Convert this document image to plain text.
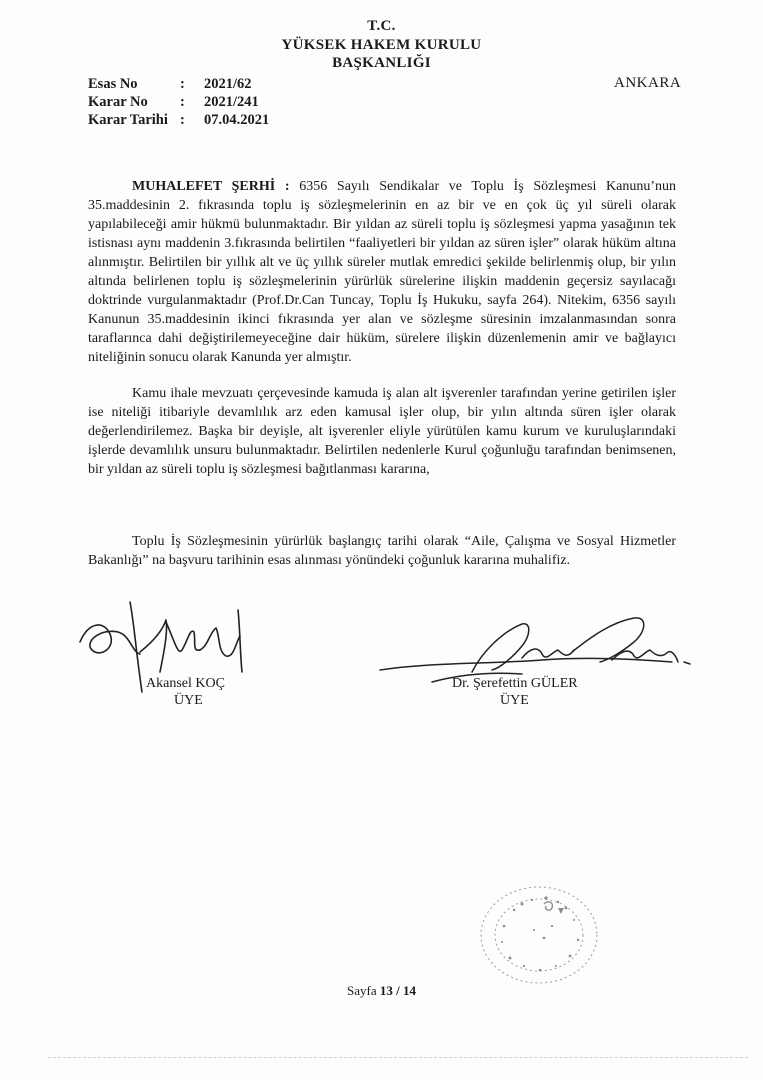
T.C.
YÜKSEK HAKEM KURULU
BAŞKANLIĞI
ANKARA
Esas No	: 2021/62
Karar No : 2021/241
Karar Tarihi : 07.04.2021

MUHALEFET ŞERHİ : 6356 Sayılı Sendikalar ve Toplu İş Sözleşmesi Kanunu’nun 35.maddesinin 2. fıkrasında toplu iş sözleşmelerinin en az bir ve en çok üç yıl süreli olarak yapılabileceği amir hükmü bulunmaktadır. Bir yıldan az süreli toplu iş sözleşmesi yapma yasağının tek istisnası aynı maddenin 3.fıkrasında belirtilen “faaliyetleri bir yıldan az süren işler” olarak hüküm altına alınmıştır. Belirtilen bir yıllık alt ve üç yıllık süreler mutlak emredici şekilde belirlenmiş olup, bir yılın altında belirlenen toplu iş sözleşmelerinin yürürlük sürelerine ilişkin maddenin geçersiz sayılacağı doktrinde vurgulanmaktadır (Prof.Dr.Can Tuncay, Toplu İş Hukuku, sayfa 264). Nitekim, 6356 sayılı Kanunun 35.maddesinin ikinci fıkrasında yer alan ve sözleşme süresinin imzalanmasından sonra taraflarınca dahi değiştirilemeyeceğine dair hüküm, sürelere ilişkin düzenlemenin amir ve bağlayıcı niteliğinin sonucu olarak Kanunda yer almıştır.

Kamu ihale mevzuatı çerçevesinde kamuda iş alan alt işverenler tarafından yerine getirilen işler ise niteliği itibariyle devamlılık arz eden kamusal işler olup, bir yılın altında süren işler olarak değerlendirilemez. Başka bir deyişle, alt işverenler eliyle yürütülen kamu kurum ve kuruluşlarındaki işlerde devamlılık unsuru bulunmaktadır. Belirtilen nedenlerle Kurul çoğunluğu tarafından benimsenen, bir yıldan az süreli toplu iş sözleşmesi bağıtlanması kararına,

Toplu İş Sözleşmesinin yürürlük başlangıç tarihi olarak “Aile, Çalışma ve Sosyal Hizmetler Bakanlığı” na başvuru tarihinin esas alınması yönündeki çoğunluk kararına muhalifiz.

Akansel KOÇ
ÜYE
Dr. Şerefettin GÜLER
ÜYE
Sayfa 13 / 14
